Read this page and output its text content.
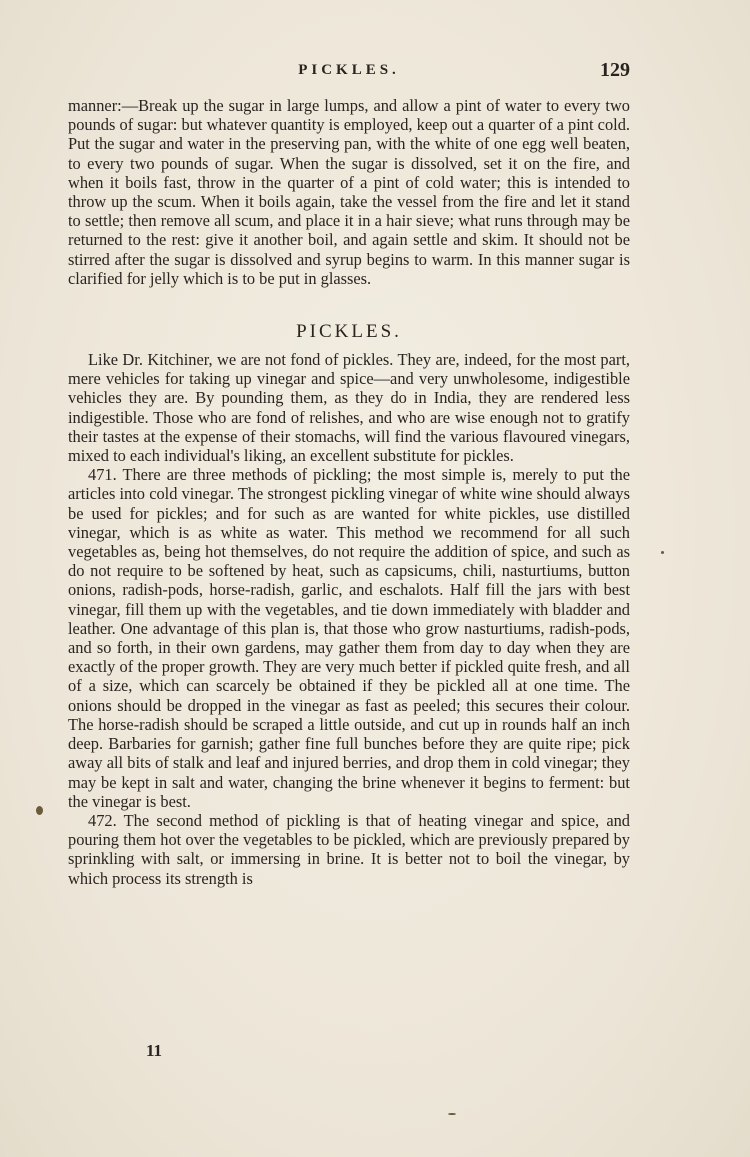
PICKLES.	129

manner:—Break up the sugar in large lumps, and allow a pint of water to every two pounds of sugar: but whatever quantity is employed, keep out a quarter of a pint cold. Put the sugar and water in the preserving pan, with the white of one egg well beaten, to every two pounds of sugar. When the sugar is dissolved, set it on the fire, and when it boils fast, throw in the quarter of a pint of cold water; this is intended to throw up the scum. When it boils again, take the vessel from the fire and let it stand to settle; then remove all scum, and place it in a hair sieve; what runs through may be returned to the rest: give it another boil, and again settle and skim. It should not be stirred after the sugar is dissolved and syrup begins to warm. In this manner sugar is clarified for jelly which is to be put in glasses.

PICKLES.

Like Dr. Kitchiner, we are not fond of pickles. They are, indeed, for the most part, mere vehicles for taking up vinegar and spice—and very unwholesome, indigestible vehicles they are. By pounding them, as they do in India, they are rendered less indigestible. Those who are fond of relishes, and who are wise enough not to gratify their tastes at the expense of their stomachs, will find the various flavoured vinegars, mixed to each individual's liking, an excellent substitute for pickles.

471. There are three methods of pickling; the most simple is, merely to put the articles into cold vinegar. The strongest pickling vinegar of white wine should always be used for pickles; and for such as are wanted for white pickles, use distilled vinegar, which is as white as water. This method we recommend for all such vegetables as, being hot themselves, do not require the addition of spice, and such as do not require to be softened by heat, such as capsicums, chili, nasturtiums, button onions, radish-pods, horse-radish, garlic, and eschalots. Half fill the jars with best vinegar, fill them up with the vegetables, and tie down immediately with bladder and leather. One advantage of this plan is, that those who grow nasturtiums, radish-pods, and so forth, in their own gardens, may gather them from day to day when they are exactly of the proper growth. They are very much better if pickled quite fresh, and all of a size, which can scarcely be obtained if they be pickled all at one time. The onions should be dropped in the vinegar as fast as peeled; this secures their colour. The horse-radish should be scraped a little outside, and cut up in rounds half an inch deep. Barbaries for garnish; gather fine full bunches before they are quite ripe; pick away all bits of stalk and leaf and injured berries, and drop them in cold vinegar; they may be kept in salt and water, changing the brine whenever it begins to ferment: but the vinegar is best.

472. The second method of pickling is that of heating vinegar and spice, and pouring them hot over the vegetables to be pickled, which are previously prepared by sprinkling with salt, or immersing in brine. It is better not to boil the vinegar, by which process its strength is

11
